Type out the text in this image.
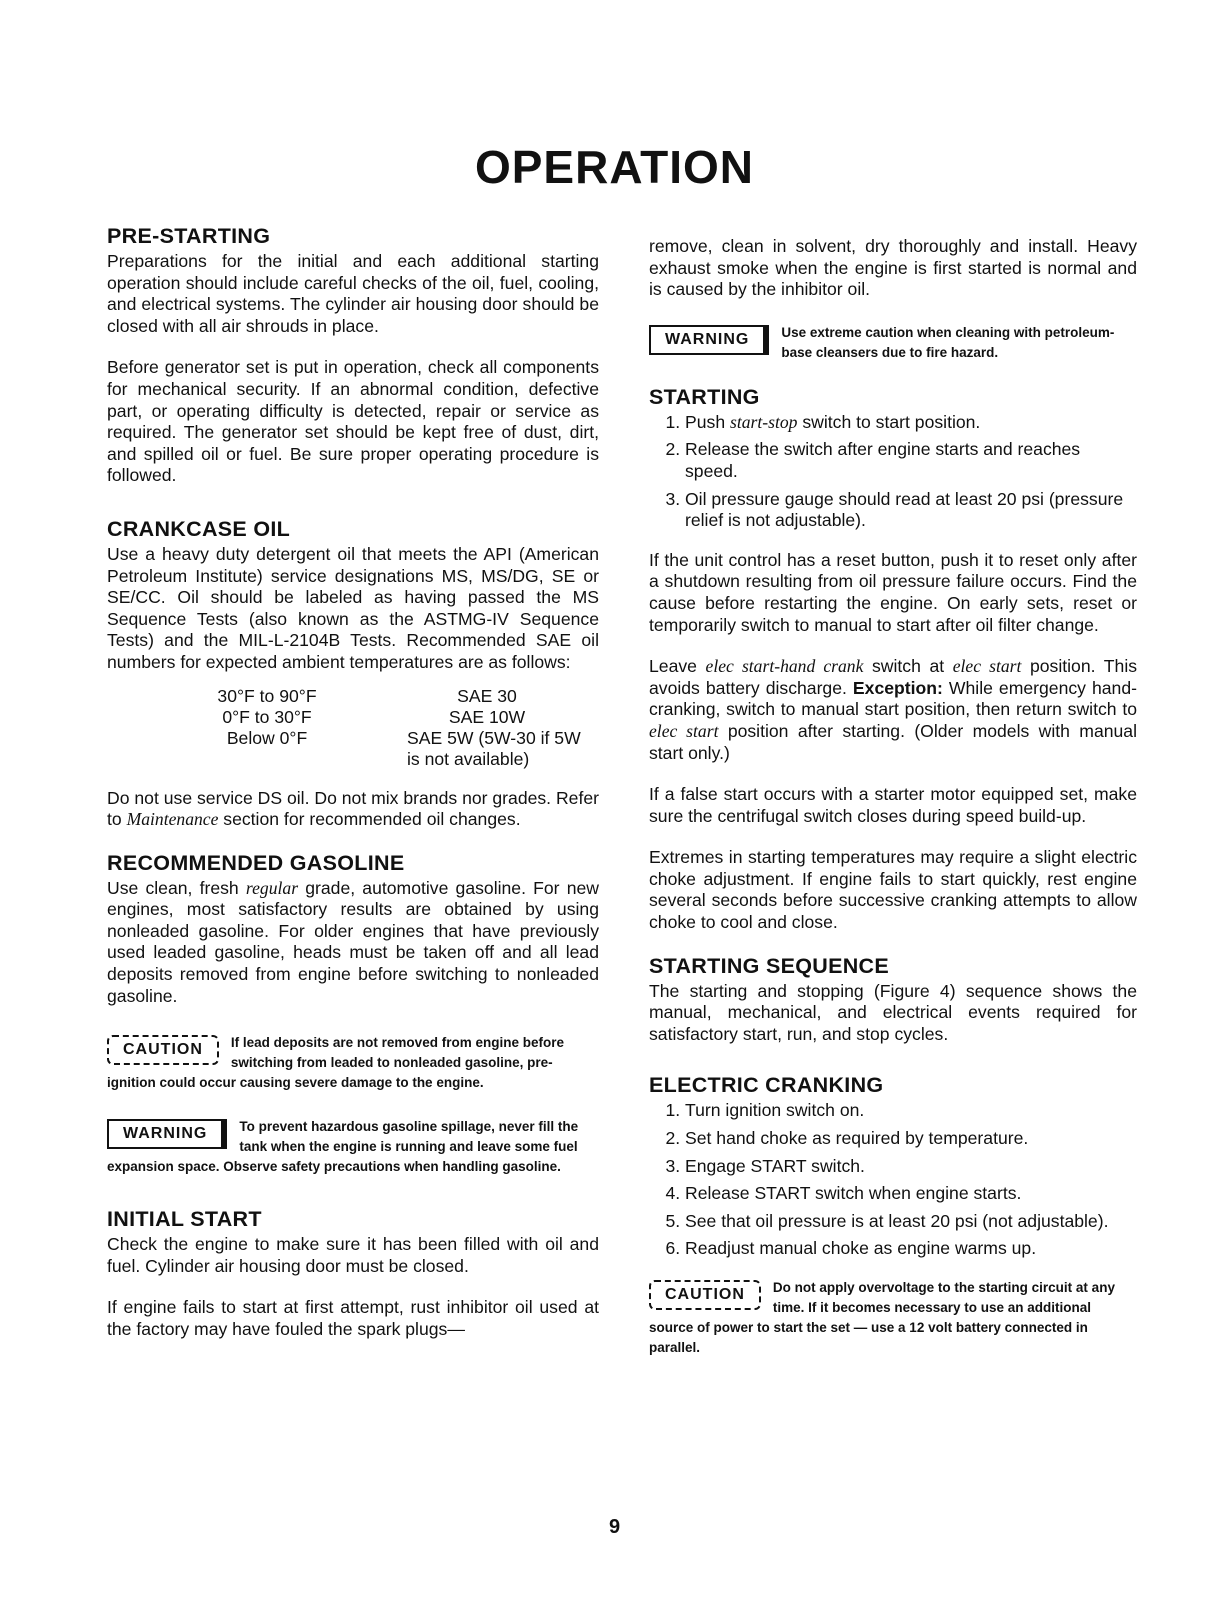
OPERATION
PRE-STARTING

Preparations for the initial and each additional starting operation should include careful checks of the oil, fuel, cooling, and electrical systems. The cylinder air housing door should be closed with all air shrouds in place.

Before generator set is put in operation, check all components for mechanical security. If an abnormal condition, defective part, or operating difficulty is detected, repair or service as required. The generator set should be kept free of dust, dirt, and spilled oil or fuel. Be sure proper operating procedure is followed.

CRANKCASE OIL

Use a heavy duty detergent oil that meets the API (American Petroleum Institute) service designations MS, MS/DG, SE or SE/CC. Oil should be labeled as having passed the MS Sequence Tests (also known as the ASTMG-IV Sequence Tests) and the MIL-L-2104B Tests. Recommended SAE oil numbers for expected ambient temperatures are as follows:

30°F to 90°F	SAE 30
0°F to 30°F	SAE 10W
Below 0°F	SAE 5W (5W-30 if 5W is not available)

Do not use service DS oil. Do not mix brands nor grades. Refer to Maintenance section for recommended oil changes.

RECOMMENDED GASOLINE

Use clean, fresh regular grade, automotive gasoline. For new engines, most satisfactory results are obtained by using nonleaded gasoline. For older engines that have previously used leaded gasoline, heads must be taken off and all lead deposits removed from engine before switching to nonleaded gasoline.

CAUTION	If lead deposits are not removed from engine before switching from leaded to nonleaded gasoline, pre-ignition could occur causing severe damage to the engine.
WARNING	To prevent hazardous gasoline spillage, never fill the tank when the engine is running and leave some fuel expansion space. Observe safety precautions when handling gasoline.
INITIAL START

Check the engine to make sure it has been filled with oil and fuel. Cylinder air housing door must be closed.

If engine fails to start at first attempt, rust inhibitor oil used at the factory may have fouled the spark plugs—

remove, clean in solvent, dry thoroughly and install. Heavy exhaust smoke when the engine is first started is normal and is caused by the inhibitor oil.

WARNING	Use extreme caution when cleaning with petroleum-base cleansers due to fire hazard.
STARTING
1. Push start-stop switch to start position.
2. Release the switch after engine starts and reaches speed.
3. Oil pressure gauge should read at least 20 psi (pressure relief is not adjustable).

If the unit control has a reset button, push it to reset only after a shutdown resulting from oil pressure failure occurs. Find the cause before restarting the engine. On early sets, reset or temporarily switch to manual to start after oil filter change.

Leave elec start-hand crank switch at elec start position. This avoids battery discharge. Exception: While emergency hand-cranking, switch to manual start position, then return switch to elec start position after starting. (Older models with manual start only.)

If a false start occurs with a starter motor equipped set, make sure the centrifugal switch closes during speed build-up.

Extremes in starting temperatures may require a slight electric choke adjustment. If engine fails to start quickly, rest engine several seconds before successive cranking attempts to allow choke to cool and close.

STARTING SEQUENCE

The starting and stopping (Figure 4) sequence shows the manual, mechanical, and electrical events required for satisfactory start, run, and stop cycles.

ELECTRIC CRANKING
1. Turn ignition switch on.
2. Set hand choke as required by temperature.
3. Engage START switch.
4. Release START switch when engine starts.
5. See that oil pressure is at least 20 psi (not adjustable).
6. Readjust manual choke as engine warms up.
CAUTION	Do not apply overvoltage to the starting circuit at any time. If it becomes necessary to use an additional source of power to start the set — use a 12 volt battery connected in parallel.
9
